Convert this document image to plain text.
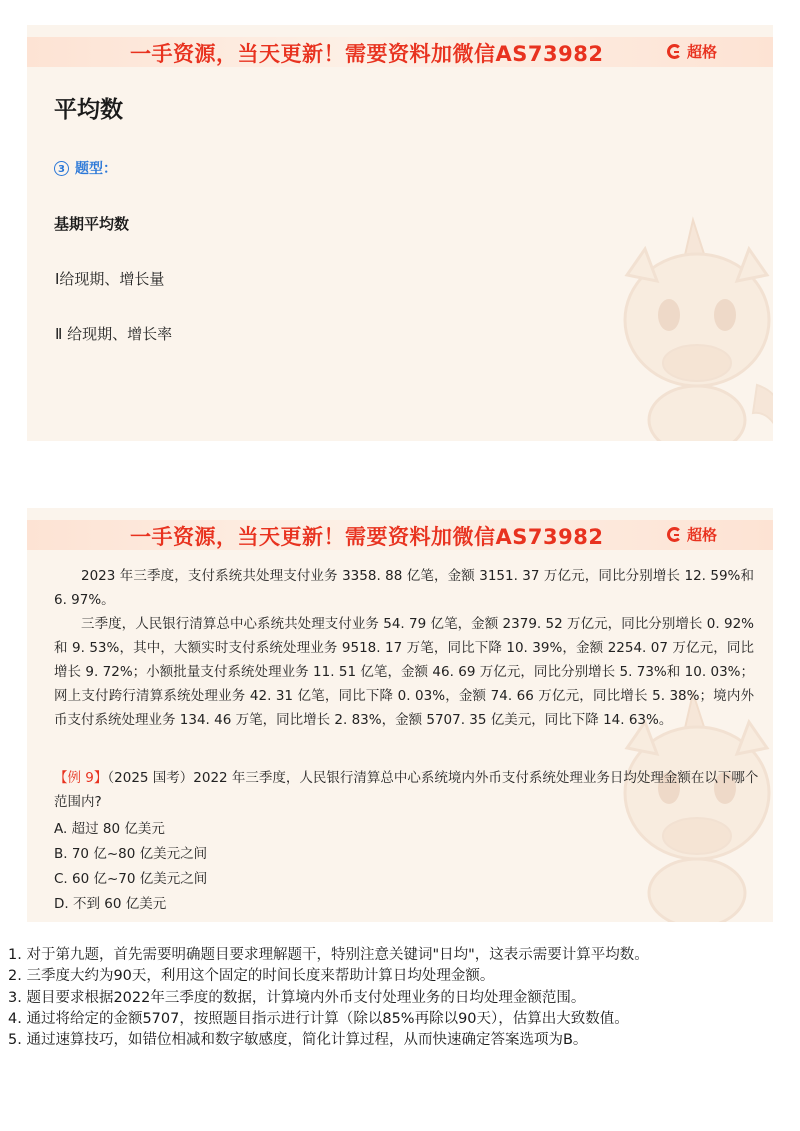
一手资源，当天更新！需要资料加微信AS73982	超格
平均数
3 题型：
基期平均数
Ⅰ给现期、增长量
Ⅱ 给现期、增长率
一手资源，当天更新！需要资料加微信AS73982	超格
2023 年三季度，支付系统共处理支付业务 3358. 88 亿笔，金额 3151. 37 万亿元，同比分别增长 12. 59%和6. 97%。
三季度，人民银行清算总中心系统共处理支付业务 54. 79 亿笔，金额 2379. 52 万亿元，同比分别增长 0. 92%和 9. 53%，其中，大额实时支付系统处理业务 9518. 17 万笔，同比下降 10. 39%，金额 2254. 07 万亿元，同比增长 9. 72%；小额批量支付系统处理业务 11. 51 亿笔，金额 46. 69 万亿元，同比分别增长 5. 73%和 10. 03%；网上支付跨行清算系统处理业务 42. 31 亿笔，同比下降 0. 03%，金额 74. 66 万亿元，同比增长 5. 38%；境内外币支付系统处理业务 134. 46 万笔，同比增长 2. 83%，金额 5707. 35 亿美元，同比下降 14. 63%。
【例 9】（2025 国考）2022 年三季度，人民银行清算总中心系统境内外币支付系统处理业务日均处理金额在以下哪个范围内?
A. 超过 80 亿美元
B. 70 亿~80 亿美元之间
C. 60 亿~70 亿美元之间
D. 不到 60 亿美元
1. 对于第九题，首先需要明确题目要求理解题干，特别注意关键词"日均"，这表示需要计算平均数。
2. 三季度大约为90天，利用这个固定的时间长度来帮助计算日均处理金额。
3. 题目要求根据2022年三季度的数据，计算境内外币支付处理业务的日均处理金额范围。
4. 通过将给定的金额5707，按照题目指示进行计算（除以85%再除以90天），估算出大致数值。
5. 通过速算技巧，如错位相减和数字敏感度，简化计算过程，从而快速确定答案选项为B。
